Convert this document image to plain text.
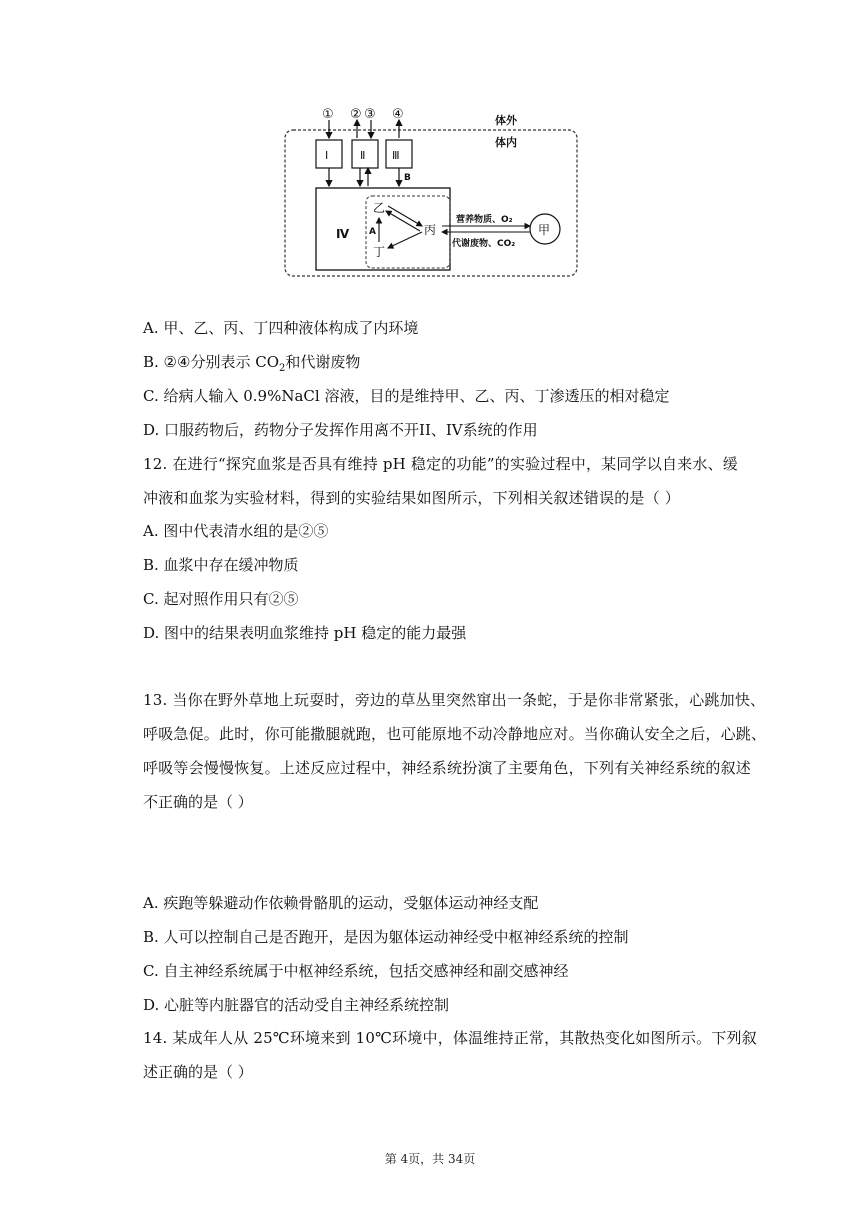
体外
体内
① ② ③ ④
Ⅰ	Ⅱ Ⅲ
B
Ⅳ
乙
丙
丁
A
营养物质、O₂
代谢废物、CO₂
甲
A. 甲、乙、丙、丁四种液体构成了内环境
B. ②④分别表示 $CO_2$和代谢废物
C. 给病人输入 0.9%NaCl 溶液，目的是维持甲、乙、丙、丁渗透压的相对稳定
D. 口服药物后，药物分子发挥作用离不开II、IV系统的作用
12. 在进行“探究血浆是否具有维持 pH 稳定的功能”的实验过程中，某同学以自来水、缓
冲液和血浆为实验材料，得到的实验结果如图所示，下列相关叙述错误的是（ ）
A. 图中代表清水组的是②⑤
B. 血浆中存在缓冲物质
C. 起对照作用只有②⑤
D. 图中的结果表明血浆维持 pH 稳定的能力最强
13. 当你在野外草地上玩耍时，旁边的草丛里突然窜出一条蛇，于是你非常紧张，心跳加快、
呼吸急促。此时，你可能撒腿就跑，也可能原地不动冷静地应对。当你确认安全之后，心跳、
呼吸等会慢慢恢复。上述反应过程中，神经系统扮演了主要角色，下列有关神经系统的叙述
不正确的是（ ）
A. 疾跑等躲避动作依赖骨骼肌的运动，受躯体运动神经支配
B. 人可以控制自己是否跑开，是因为躯体运动神经受中枢神经系统的控制
C. 自主神经系统属于中枢神经系统，包括交感神经和副交感神经
D. 心脏等内脏器官的活动受自主神经系统控制
14. 某成年人从 25℃环境来到 10℃环境中，体温维持正常，其散热变化如图所示。下列叙
述正确的是（ ）
第 4页，共 34页
